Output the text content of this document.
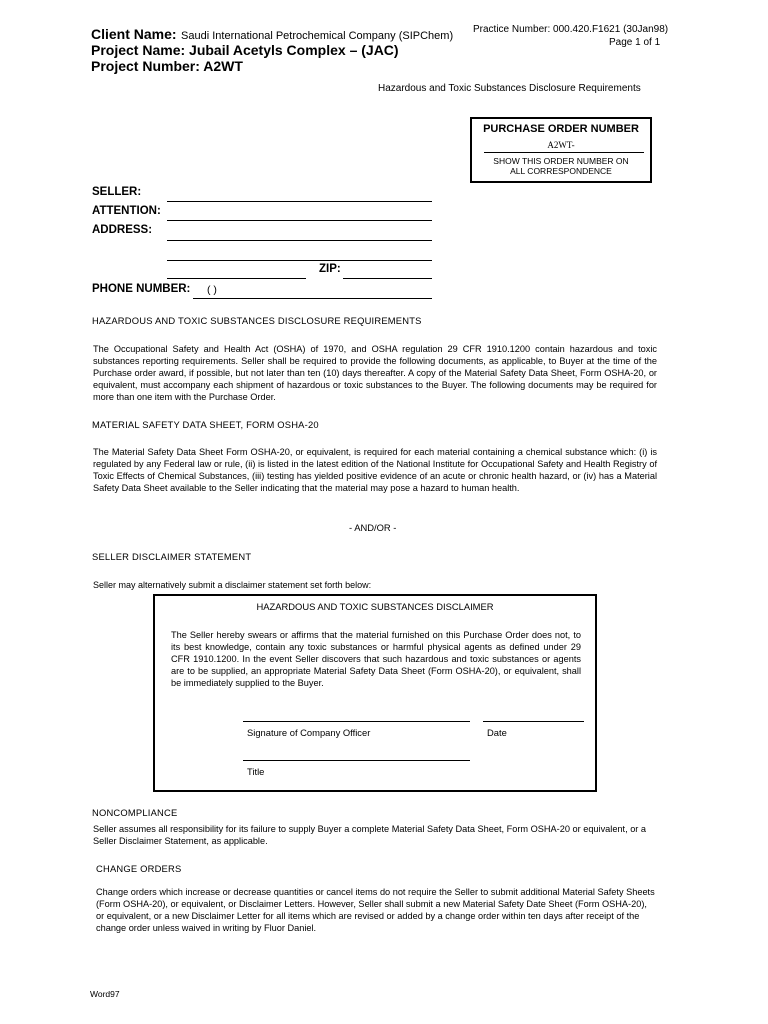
Client Name: Saudi International Petrochemical Company (SIPChem)
Project Name: Jubail Acetyls Complex – (JAC)
Project Number: A2WT
Practice Number: 000.420.F1621 (30Jan98)
Page 1 of 1
Hazardous and Toxic Substances Disclosure Requirements
PURCHASE ORDER NUMBER
A2WT-
SHOW THIS ORDER NUMBER ON
ALL CORRESPONDENCE
SELLER:
ATTENTION:
ADDRESS:
ZIP:
PHONE NUMBER: ( )
HAZARDOUS AND TOXIC SUBSTANCES DISCLOSURE REQUIREMENTS
The Occupational Safety and Health Act (OSHA) of 1970, and OSHA regulation 29 CFR 1910.1200 contain hazardous and toxic substances reporting requirements. Seller shall be required to provide the following documents, as applicable, to Buyer at the time of the Purchase order award, if possible, but not later than ten (10) days thereafter. A copy of the Material Safety Data Sheet, Form OSHA-20, or equivalent, must accompany each shipment of hazardous or toxic substances to the Buyer. The following documents may be required for more than one item with the Purchase Order.
MATERIAL SAFETY DATA SHEET, FORM OSHA-20
The Material Safety Data Sheet Form OSHA-20, or equivalent, is required for each material containing a chemical substance which: (i) is regulated by any Federal law or rule, (ii) is listed in the latest edition of the National Institute for Occupational Safety and Health Registry of Toxic Effects of Chemical Substances, (iii) testing has yielded positive evidence of an acute or chronic health hazard, or (iv) has a Material Safety Data Sheet available to the Seller indicating that the material may pose a hazard to human health.
- AND/OR -
SELLER DISCLAIMER STATEMENT
Seller may alternatively submit a disclaimer statement set forth below:
HAZARDOUS AND TOXIC SUBSTANCES DISCLAIMER
The Seller hereby swears or affirms that the material furnished on this Purchase Order does not, to its best knowledge, contain any toxic substances or harmful physical agents as defined under 29 CFR 1910.1200. In the event Seller discovers that such hazardous and toxic substances or agents are to be supplied, an appropriate Material Safety Data Sheet (Form OSHA-20), or equivalent, shall be immediately supplied to the Buyer.
Signature of Company Officer	Date
Title
NONCOMPLIANCE
Seller assumes all responsibility for its failure to supply Buyer a complete Material Safety Data Sheet, Form OSHA-20 or equivalent, or a Seller Disclaimer Statement, as applicable.
CHANGE ORDERS
Change orders which increase or decrease quantities or cancel items do not require the Seller to submit additional Material Safety Sheets (Form OSHA-20), or equivalent, or Disclaimer Letters. However, Seller shall submit a new Material Safety Date Sheet (Form OSHA-20), or equivalent, or a new Disclaimer Letter for all items which are revised or added by a change order within ten days after receipt of the change order unless waived in writing by Fluor Daniel.
Word97
